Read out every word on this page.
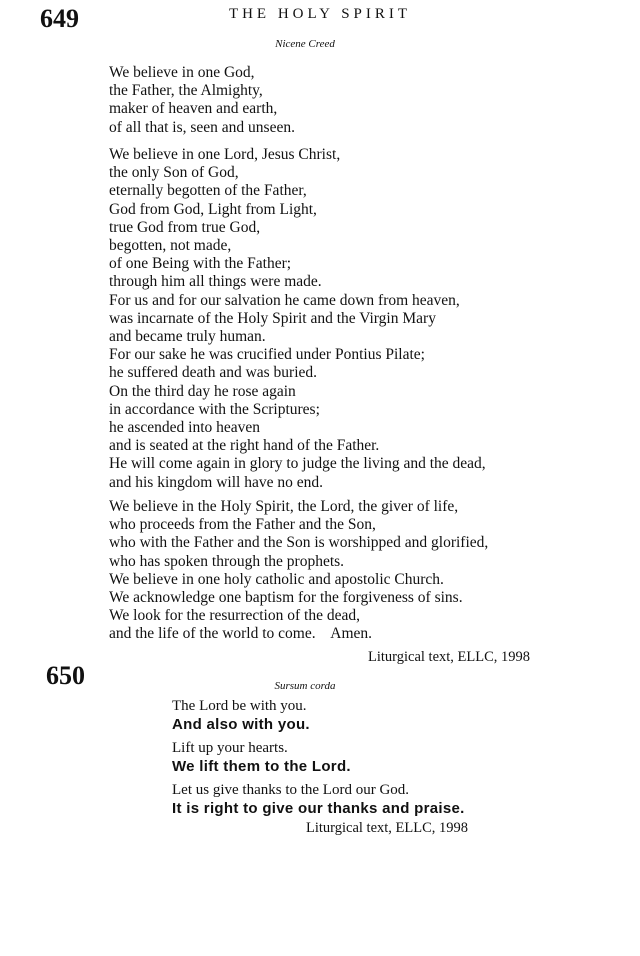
649	THE HOLY SPIRIT
Nicene Creed
We believe in one God,
the Father, the Almighty,
maker of heaven and earth,
of all that is, seen and unseen.
We believe in one Lord, Jesus Christ,
the only Son of God,
eternally begotten of the Father,
God from God, Light from Light,
true God from true God,
begotten, not made,
of one Being with the Father;
through him all things were made.
For us and for our salvation he came down from heaven,
was incarnate of the Holy Spirit and the Virgin Mary
and became truly human.
For our sake he was crucified under Pontius Pilate;
he suffered death and was buried.
On the third day he rose again
in accordance with the Scriptures;
he ascended into heaven
and is seated at the right hand of the Father.
He will come again in glory to judge the living and the dead,
and his kingdom will have no end.
We believe in the Holy Spirit, the Lord, the giver of life,
who proceeds from the Father and the Son,
who with the Father and the Son is worshipped and glorified,
who has spoken through the prophets.
We believe in one holy catholic and apostolic Church.
We acknowledge one baptism for the forgiveness of sins.
We look for the resurrection of the dead,
and the life of the world to come.    Amen.
Liturgical text, ELLC, 1998
650	Sursum corda
The Lord be with you.
And also with you.
Lift up your hearts.
We lift them to the Lord.
Let us give thanks to the Lord our God.
It is right to give our thanks and praise.
Liturgical text, ELLC, 1998
